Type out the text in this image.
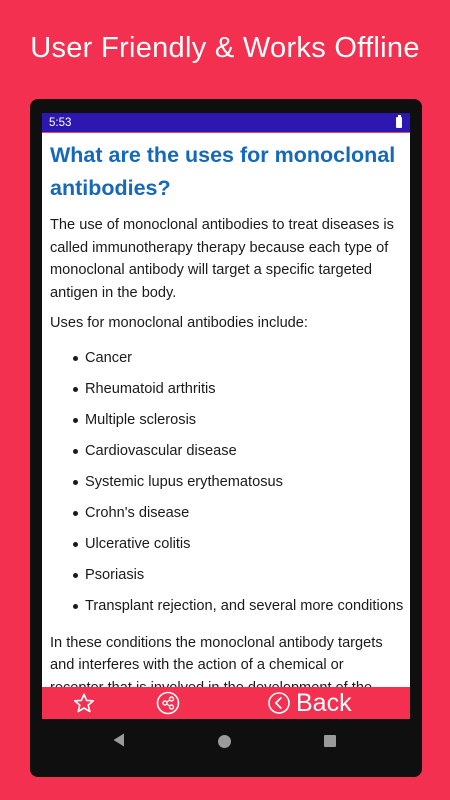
User Friendly & Works Offline
5:53
What are the uses for monoclonal antibodies?

The use of monoclonal antibodies to treat diseases is called immunotherapy therapy because each type of monoclonal antibody will target a specific targeted antigen in the body.

Uses for monoclonal antibodies include:

Cancer
Rheumatoid arthritis
Multiple sclerosis
Cardiovascular disease
Systemic lupus erythematosus
Crohn's disease
Ulcerative colitis
Psoriasis
Transplant rejection, and several more conditions

In these conditions the monoclonal antibody targets and interferes with the action of a chemical or

Back
